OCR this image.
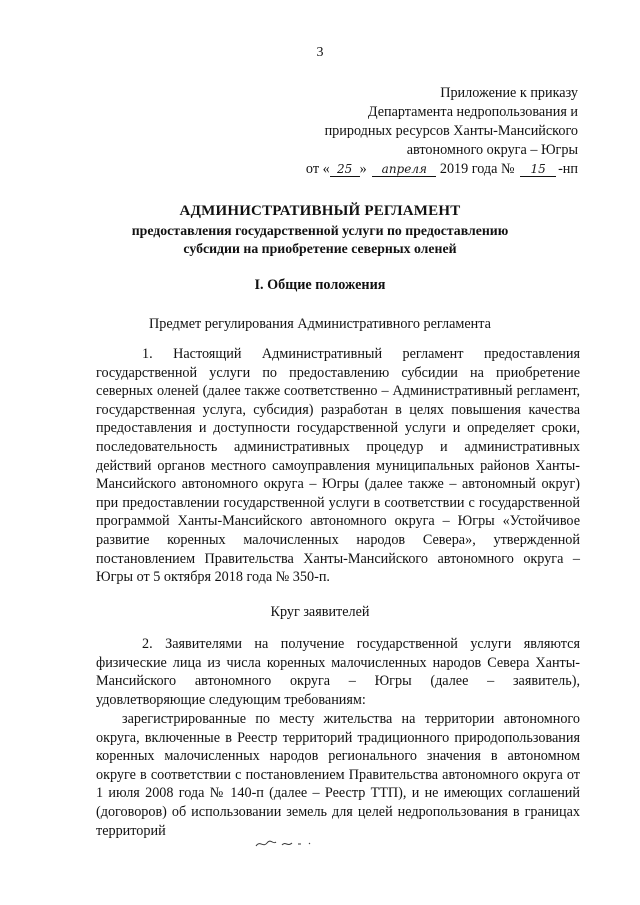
3
Приложение к приказу
Департамента недропользования и
природных ресурсов Ханты-Мансийского
автономного округа – Югры
от « 25 » апреля 2019 года № 15 -нп
АДМИНИСТРАТИВНЫЙ РЕГЛАМЕНТ
предоставления государственной услуги по предоставлению
субсидии на приобретение северных оленей
I. Общие положения
Предмет регулирования Административного регламента
1. Настоящий Административный регламент предоставления государственной услуги по предоставлению субсидии на приобретение северных оленей (далее также соответственно – Административный регламент, государственная услуга, субсидия) разработан в целях повышения качества предоставления и доступности государственной услуги и определяет сроки, последовательность административных процедур и административных действий органов местного самоуправления муниципальных районов Ханты-Мансийского автономного округа – Югры (далее также – автономный округ) при предоставлении государственной услуги в соответствии с государственной программой Ханты-Мансийского автономного округа – Югры «Устойчивое развитие коренных малочисленных народов Севера», утвержденной постановлением Правительства Ханты-Мансийского автономного округа – Югры от 5 октября 2018 года № 350-п.
Круг заявителей
2. Заявителями на получение государственной услуги являются физические лица из числа коренных малочисленных народов Севера Ханты-Мансийского автономного округа – Югры (далее – заявитель), удовлетворяющие следующим требованиям:
зарегистрированные по месту жительства на территории автономного округа, включенные в Реестр территорий традиционного природопользования коренных малочисленных народов регионального значения в автономном округе в соответствии с постановлением Правительства автономного округа от 1 июля 2008 года № 140-п (далее – Реестр ТТП), и не имеющих соглашений (договоров) об использовании земель для целей недропользования в границах территорий
